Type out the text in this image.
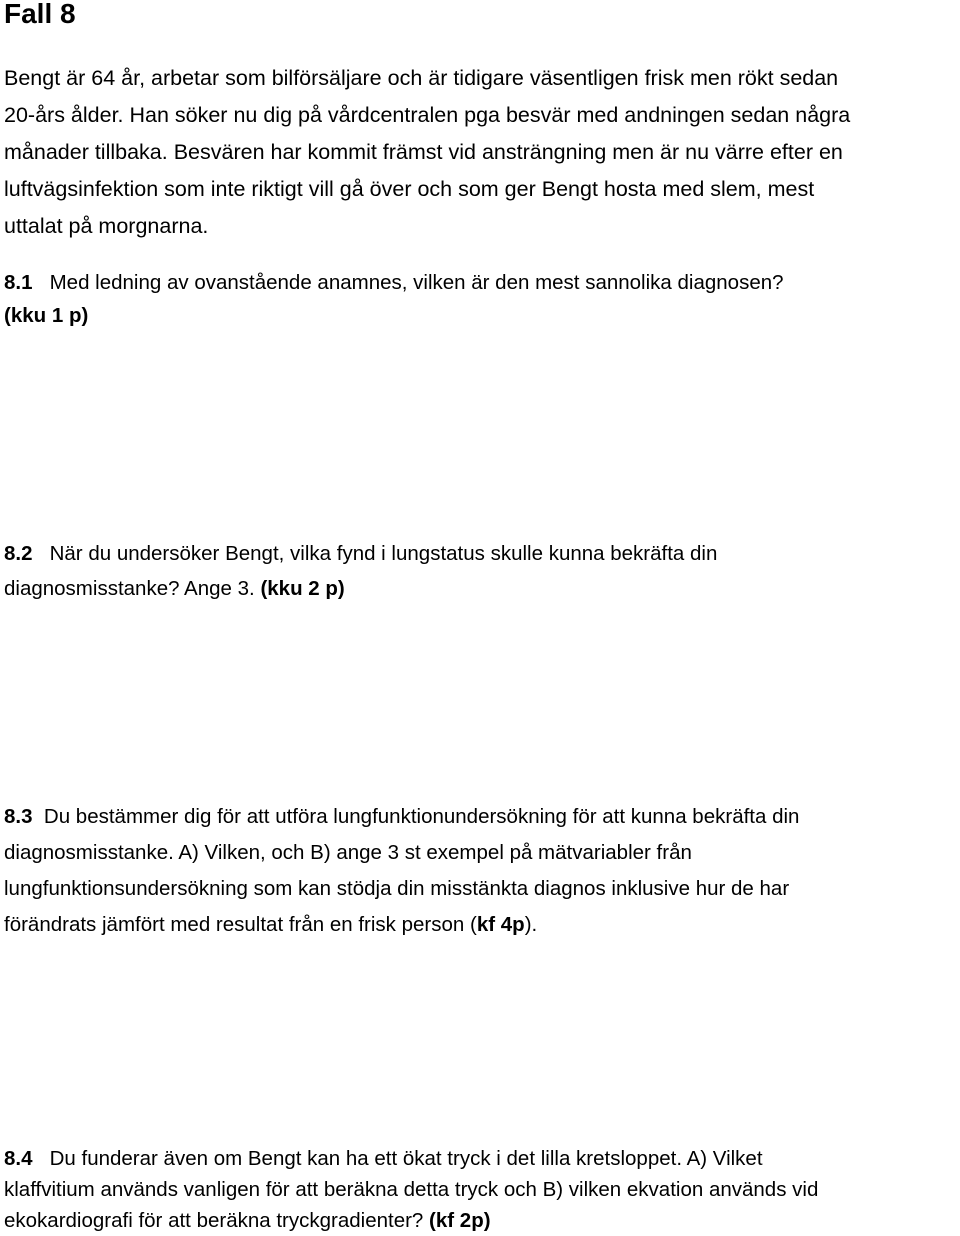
Fall 8
Bengt är 64 år, arbetar som bilförsäljare och är tidigare väsentligen frisk men rökt sedan
20-års ålder. Han söker nu dig på vårdcentralen pga besvär med andningen sedan några
månader tillbaka. Besvären har kommit främst vid ansträngning men är nu värre efter en
luftvägsinfektion som inte riktigt vill gå över och som ger Bengt hosta med slem, mest
uttalat på morgnarna.
8.1 Med ledning av ovanstående anamnes, vilken är den mest sannolika diagnosen?
(kku 1 p)
8.2 När du undersöker Bengt, vilka fynd i lungstatus skulle kunna bekräfta din
diagnosmisstanke? Ange 3. (kku 2 p)
8.3 Du bestämmer dig för att utföra lungfunktionundersökning för att kunna bekräfta din
diagnosmisstanke. A) Vilken, och B) ange 3 st exempel på mätvariabler från
lungfunktionsundersökning som kan stödja din misstänkta diagnos inklusive hur de har
förändrats jämfört med resultat från en frisk person (kf 4p).
8.4 Du funderar även om Bengt kan ha ett ökat tryck i det lilla kretsloppet. A) Vilket
klaffvitium används vanligen för att beräkna detta tryck och B) vilken ekvation används vid
ekokardiografi för att beräkna tryckgradienter? (kf 2p)
